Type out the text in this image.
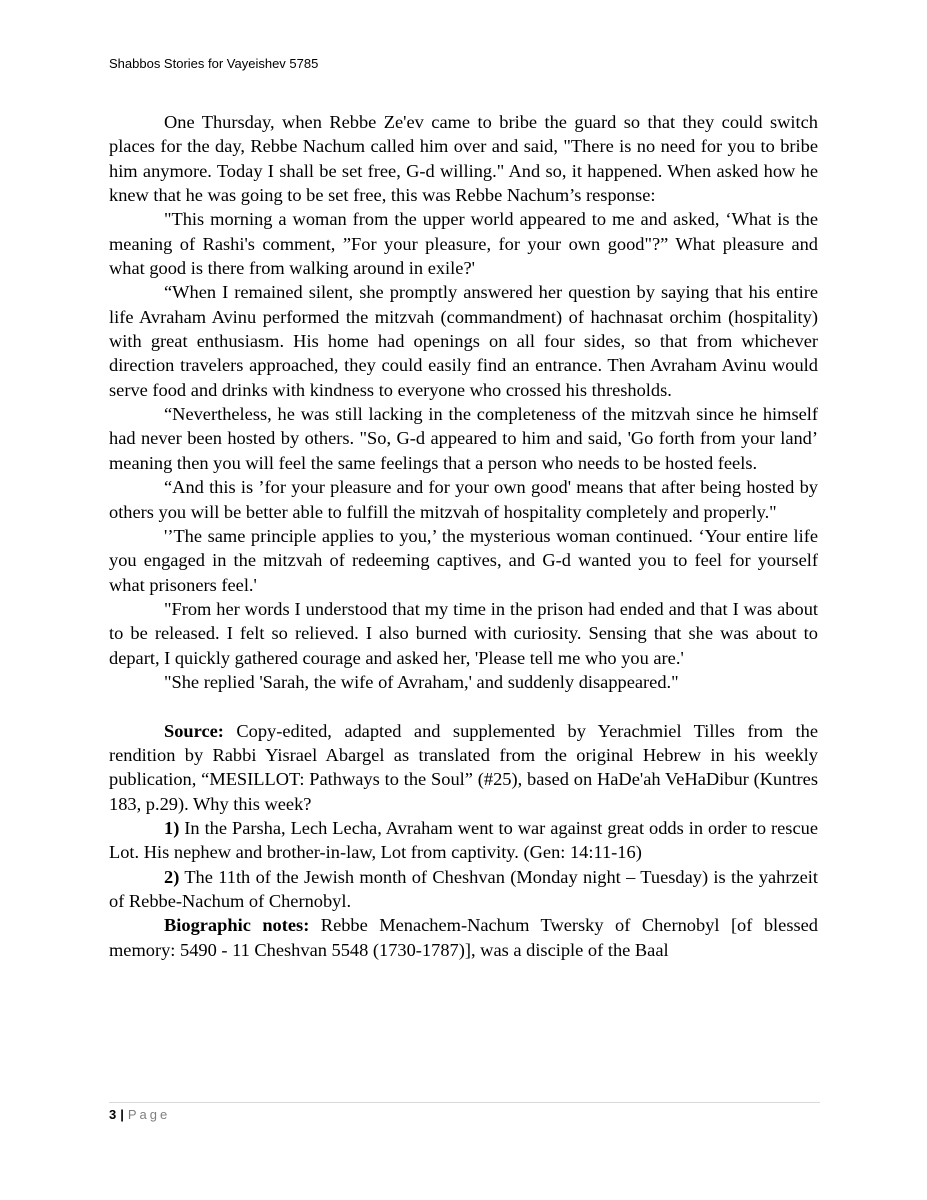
Shabbos Stories for Vayeishev 5785

One Thursday, when Rebbe Ze'ev came to bribe the guard so that they could switch places for the day, Rebbe Nachum called him over and said, "There is no need for you to bribe him anymore. Today I shall be set free, G-d willing." And so, it happened. When asked how he knew that he was going to be set free, this was Rebbe Nachum’s response:

"This morning a woman from the upper world appeared to me and asked, ‘What is the meaning of Rashi's comment, ”For your pleasure, for your own good"?” What pleasure and what good is there from walking around in exile?'

“When I remained silent, she promptly answered her question by saying that his entire life Avraham Avinu performed the mitzvah (commandment) of hachnasat orchim (hospitality) with great enthusiasm. His home had openings on all four sides, so that from whichever direction travelers approached, they could easily find an entrance. Then Avraham Avinu would serve food and drinks with kindness to everyone who crossed his thresholds.

“Nevertheless, he was still lacking in the completeness of the mitzvah since he himself had never been hosted by others. "So, G-d appeared to him and said, 'Go forth from your land’ meaning then you will feel the same feelings that a person who needs to be hosted feels.

“And this is ’for your pleasure and for your own good' means that after being hosted by others you will be better able to fulfill the mitzvah of hospitality completely and properly."

'’The same principle applies to you,’ the mysterious woman continued. ‘Your entire life you engaged in the mitzvah of redeeming captives, and G-d wanted you to feel for yourself what prisoners feel.'

"From her words I understood that my time in the prison had ended and that I was about to be released. I felt so relieved. I also burned with curiosity. Sensing that she was about to depart, I quickly gathered courage and asked her, 'Please tell me who you are.'

"She replied 'Sarah, the wife of Avraham,' and suddenly disappeared."

Source: Copy-edited, adapted and supplemented by Yerachmiel Tilles from the rendition by Rabbi Yisrael Abargel as translated from the original Hebrew in his weekly publication, “MESILLOT: Pathways to the Soul” (#25), based on HaDe'ah VeHaDibur (Kuntres 183, p.29). Why this week?

1) In the Parsha, Lech Lecha, Avraham went to war against great odds in order to rescue Lot. His nephew and brother-in-law, Lot from captivity. (Gen: 14:11-16)

2) The 11th of the Jewish month of Cheshvan (Monday night – Tuesday) is the yahrzeit of Rebbe-Nachum of Chernobyl.

Biographic notes: Rebbe Menachem-Nachum Twersky of Chernobyl [of blessed memory: 5490 - 11 Cheshvan 5548 (1730-1787)], was a disciple of the Baal

3 | Page
